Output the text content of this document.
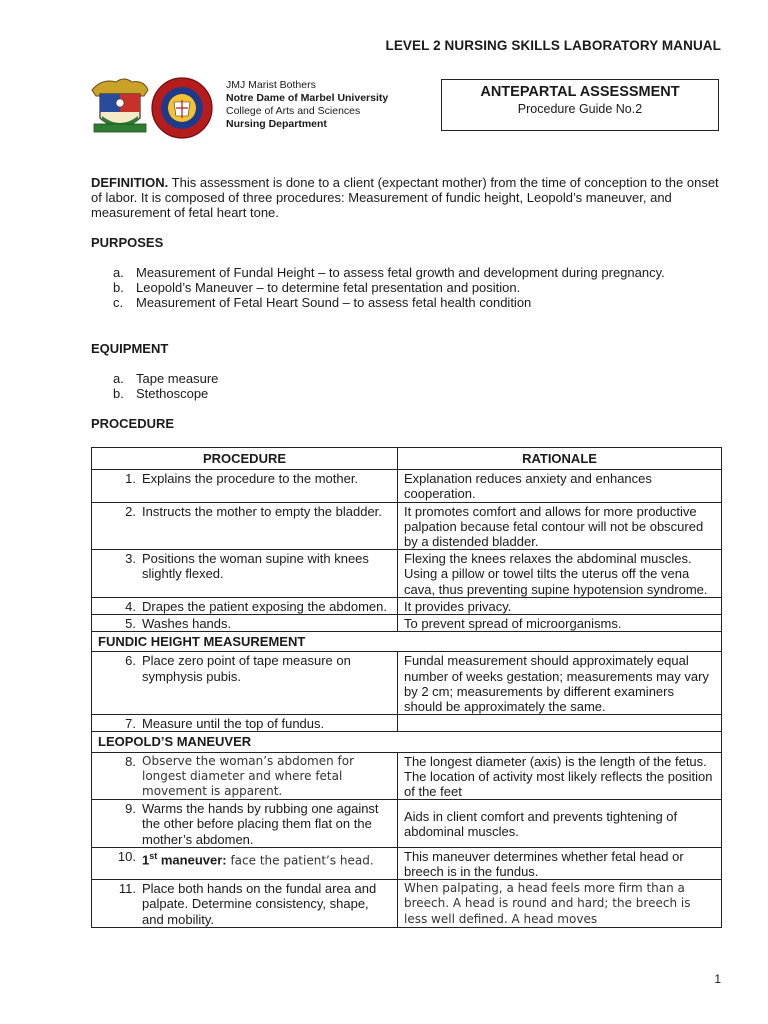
LEVEL 2 NURSING SKILLS LABORATORY MANUAL
JMJ Marist Bothers
Notre Dame of Marbel University
College of Arts and Sciences
Nursing Department
ANTEPARTAL ASSESSMENT
Procedure Guide No.2
DEFINITION. This assessment is done to a client (expectant mother) from the time of conception to the onset of labor. It is composed of three procedures: Measurement of fundic height, Leopold’s maneuver, and measurement of fetal heart tone.
PURPOSES
a. Measurement of Fundal Height – to assess fetal growth and development during pregnancy.
b. Leopold’s Maneuver – to determine fetal presentation and position.
c. Measurement of Fetal Heart Sound – to assess fetal health condition
EQUIPMENT
a. Tape measure
b. Stethoscope
PROCEDURE
PROCEDURE	RATIONALE

1. Explains the procedure to the mother.	Explanation reduces anxiety and enhances cooperation.

2. Instructs the mother to empty the bladder.	It promotes comfort and allows for more productive palpation because fetal contour will not be obscured by a distended bladder.

3. Positions the woman supine with knees slightly flexed.	Flexing the knees relaxes the abdominal muscles. Using a pillow or towel tilts the uterus off the vena cava, thus preventing supine hypotension syndrome.

4. Drapes the patient exposing the abdomen.	It provides privacy.

5. Washes hands.	To prevent spread of microorganisms.
FUNDIC HEIGHT MEASUREMENT	

6. Place zero point of tape measure on symphysis pubis.	Fundal measurement should approximately equal number of weeks gestation; measurements may vary by 2 cm; measurements by different examiners should be approximately the same.

7. Measure until the top of fundus.	

LEOPOLD’S MANEUVER	

8. Observe the woman’s abdomen for longest diameter and where fetal movement is apparent.	The longest diameter (axis) is the length of the fetus. The location of activity most likely reflects the position of the feet

9. Warms the hands by rubbing one against the other before placing them flat on the mother’s abdomen.	Aids in client comfort and prevents tightening of abdominal muscles.

10. 1st maneuver: face the patient’s head.	This maneuver determines whether fetal head or breech is in the fundus.

11. Place both hands on the fundal area and palpate. Determine consistency, shape, and mobility.	When palpating, a head feels more firm than a breech. A head is round and hard; the breech is less well defined. A head moves
1
